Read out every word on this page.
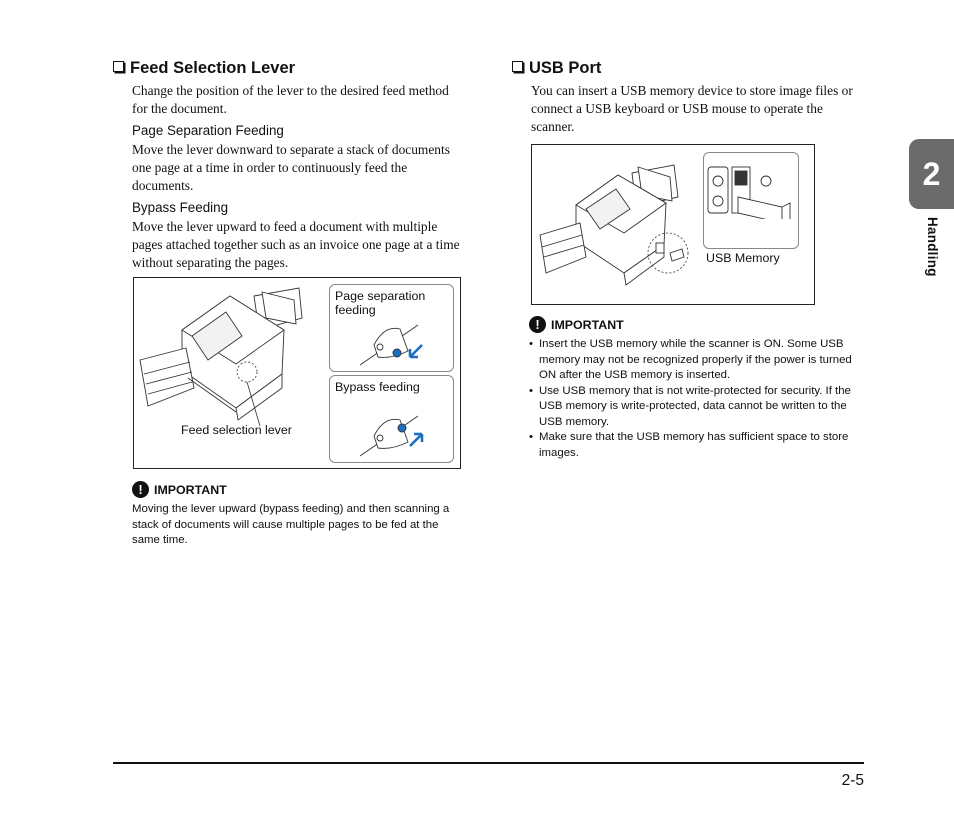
Feed Selection Lever

Change the position of the lever to the desired feed method for the document.

Page Separation Feeding

Move the lever downward to separate a stack of documents one page at a time in order to continuously feed the documents.

Bypass Feeding

Move the lever upward to feed a document with multiple pages attached together such as an invoice one page at a time without separating the pages.

Page separation feeding
Bypass feeding
Feed selection lever
! IMPORTANT

Moving the lever upward (bypass feeding) and then scanning a stack of documents will cause multiple pages to be fed at the same time.

USB Port

You can insert a USB memory device to store image files or connect a USB keyboard or USB mouse to operate the scanner.

USB Memory
! IMPORTANT
• Insert the USB memory while the scanner is ON. Some USB memory may not be recognized properly if the power is turned ON after the USB memory is inserted.
• Use USB memory that is not write-protected for security. If the USB memory is write-protected, data cannot be written to the USB memory.
• Make sure that the USB memory has sufficient space to store images.
2
Handling
2-5
